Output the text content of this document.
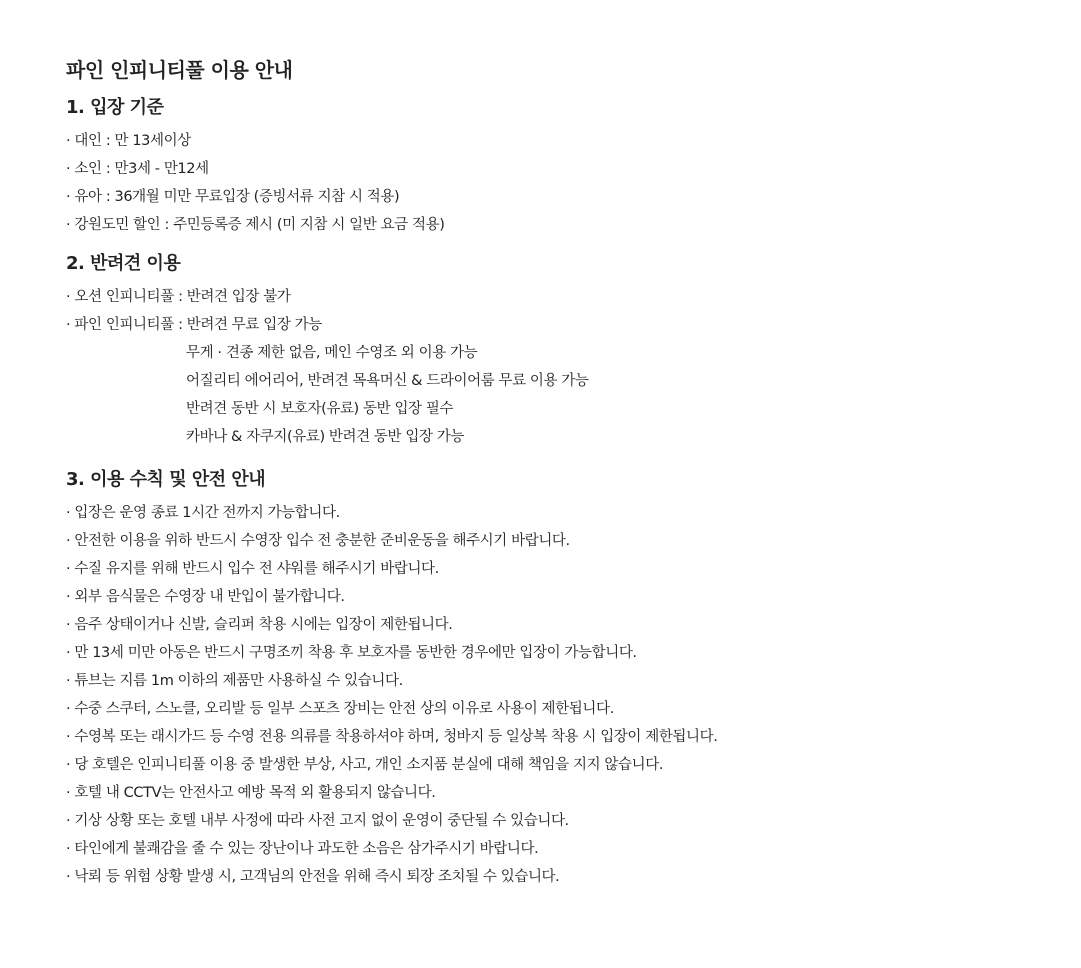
파인 인피니티풀 이용 안내
1. 입장 기준
· 대인 : 만 13세이상
· 소인 : 만3세 - 만12세
· 유아 : 36개월 미만 무료입장 (증빙서류 지참 시 적용)
· 강원도민 할인 : 주민등록증 제시 (미 지참 시 일반 요금 적용)
2. 반려견 이용
· 오션 인피니티풀 : 반려견 입장 불가
· 파인 인피니티풀 : 반려견 무료 입장 가능
무게 · 견종 제한 없음, 메인 수영조 외 이용 가능
어질리티 에어리어, 반려견 목욕머신 & 드라이어룸 무료 이용 가능
반려견 동반 시 보호자(유료) 동반 입장 필수
카바나 & 자쿠지(유료) 반려견 동반 입장 가능
3. 이용 수칙 및 안전 안내
· 입장은 운영 종료 1시간 전까지 가능합니다.
· 안전한 이용을 위하 반드시 수영장 입수 전 충분한 준비운동을 해주시기 바랍니다.
· 수질 유지를 위해 반드시 입수 전 샤워를 해주시기 바랍니다.
· 외부 음식물은 수영장 내 반입이 불가합니다.
· 음주 상태이거나 신발, 슬리퍼 착용 시에는 입장이 제한됩니다.
· 만 13세 미만 아동은 반드시 구명조끼 착용 후 보호자를 동반한 경우에만 입장이 가능합니다.
· 튜브는 지름 1m 이하의 제품만 사용하실 수 있습니다.
· 수중 스쿠터, 스노클, 오리발 등 일부 스포츠 장비는 안전 상의 이유로 사용이 제한됩니다.
· 수영복 또는 래시가드 등 수영 전용 의류를 착용하셔야 하며, 청바지 등 일상복 착용 시 입장이 제한됩니다.
· 당 호텔은 인피니티풀 이용 중 발생한 부상, 사고, 개인 소지품 분실에 대해 책임을 지지 않습니다.
· 호텔 내 CCTV는 안전사고 예방 목적 외 활용되지 않습니다.
· 기상 상황 또는 호텔 내부 사정에 따라 사전 고지 없이 운영이 중단될 수 있습니다.
· 타인에게 불쾌감을 줄 수 있는 장난이나 과도한 소음은 삼가주시기 바랍니다.
· 낙뢰 등 위험 상황 발생 시, 고객님의 안전을 위해 즉시 퇴장 조치될 수 있습니다.
